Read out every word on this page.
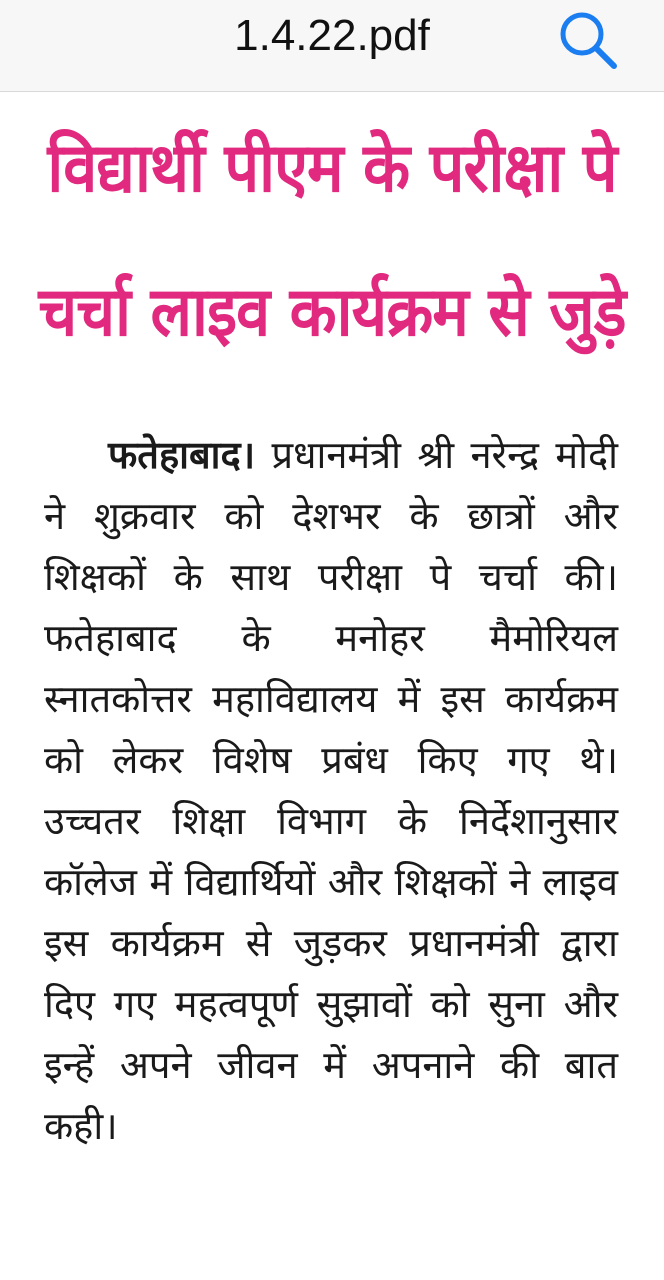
1.4.22.pdf
विद्यार्थी पीएम के परीक्षा पे
चर्चा लाइव कार्यक्रम से जुड़े

फतेहाबाद। प्रधानमंत्री श्री नरेन्द्र मोदी ने शुक्रवार को देशभर के छात्रों और शिक्षकों के साथ परीक्षा पे चर्चा की। फतेहाबाद के मनोहर मैमोरियल स्नातकोत्तर महाविद्यालय में इस कार्यक्रम को लेकर विशेष प्रबंध किए गए थे। उच्चतर शिक्षा विभाग के निर्देशानुसार कॉलेज में विद्यार्थियों और शिक्षकों ने लाइव इस कार्यक्रम से जुड़कर प्रधानमंत्री द्वारा दिए गए महत्वपूर्ण सुझावों को सुना और इन्हें अपने जीवन में अपनाने की बात कही।
